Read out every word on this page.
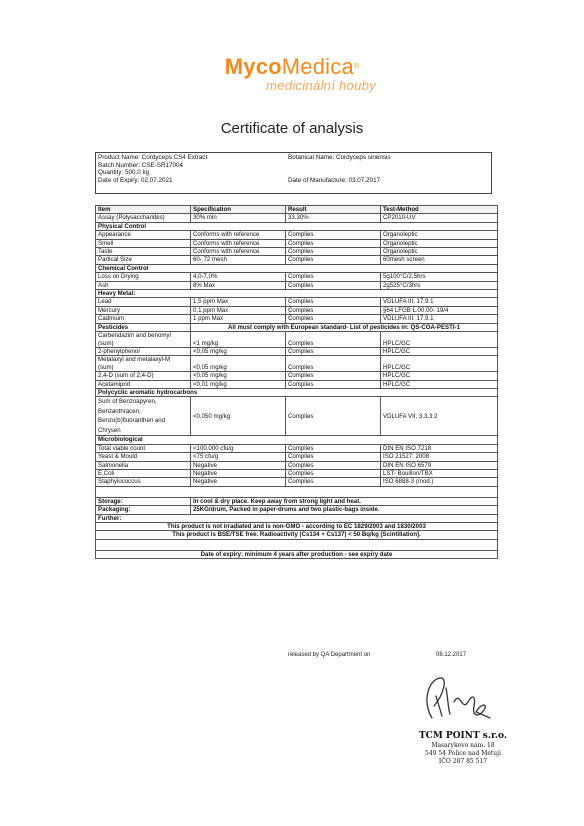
MycoMedica®
medicinální houby
Certificate of analysis
Product Name: Cordyceps CS4 Extract
Batch Number: CSE-SR17004
Quantity: 500.0 kg
Date of Expiry: 02.07.2021
Botanical Name: Cordyceps sinensis
Date of Manufacture: 03.07.2017
Item	Specification	Result	Test-Method
Assay (Polysaccharides)	30% min	33,30%	CP2010-UV
Physical Control			
Appearance	Conforms with reference	Complies	Organoleptic
Smell	Conforms with reference	Complies	Organoleptic
Taste	Conforms with reference	Complies	Organoleptic
Partical Size	60- 72 mesh	Complies	60mesh screen
Chemical Control			
Loss on Drying	4,0-7,0%	Complies	5g100°C/2,5hrs
Ash	8% Max	Complies	2g525°C/3hrs
Heavy Metal:			
Lead	1,5 ppm Max	Complies	VDLUFA III, 17.9.1
Mercury	0,1 ppm Max	Complies	§64 LFGB L.00.00- 19/4
Cadmium	1 ppm Max	Complies	VDLUFA III, 17.9.1
Pesticides	All must comply with European standard- List of pesticides in: QS-COA-PESTI-1		

Carbendazim and benomyl
(sum)	<1 mg/kg	Complies	HPLC/GC
2-phenylphenol	<0,05 mg/kg	Complies	HPLC/GC

Metalaxyl and metalaxyl-M
(sum)	<0,05 mg/kg	Complies	HPLC/GC
2,4-D (sum of 2,4-D)	<0,05 mg/kg	Complies	HPLC/GC
Acetamiprid	<0,01 mg/kg	Complies	HPLC/GC
Polycyclic aromatic hydrocarbons			

Sum of Benzoapyren,
Benzanthracen,
Benzo(b)fluoranthen and
Chrysen	<0,050 mg/kg	Complies	VDLUFA VII, 3.3.3.2
Microbiological			
Total viable count	<100.000 cfu/g	Complies	DIN EN ISO 7218
Yeast & Mould	<75 cfu/g	Complies	ISO 21527: 2008
Salmonella	Negative	Complies	DIN EN ISO 6579
E.Coli	Negative	Complies	LST- Bouillon/TBX
Staphylococcus	Negative	Complies	ISO 6888-3 (mod.)

Storage:	In cool & dry place. Keep away from strong light and heat.		
Packaging:	25KG/drum, Packed in paper-drums and two plastic-bags inside.		
Further:			
This product is not irradiated and is non-GMO - according to EC 1829/2003 and 1830/2003			
This product is BSE/TSE free. Radioactivity (Cs134 + Cs137) < 50 Bq/kg [Scintillation].			

Date of expiry: minimum 4 years after production - see expiry date			
released by QA Department on	08.12.2017
TCM POINT s.r.o.
Masarykovo nám. 18
549 54 Police nad Metují
IČO 287 85 517
